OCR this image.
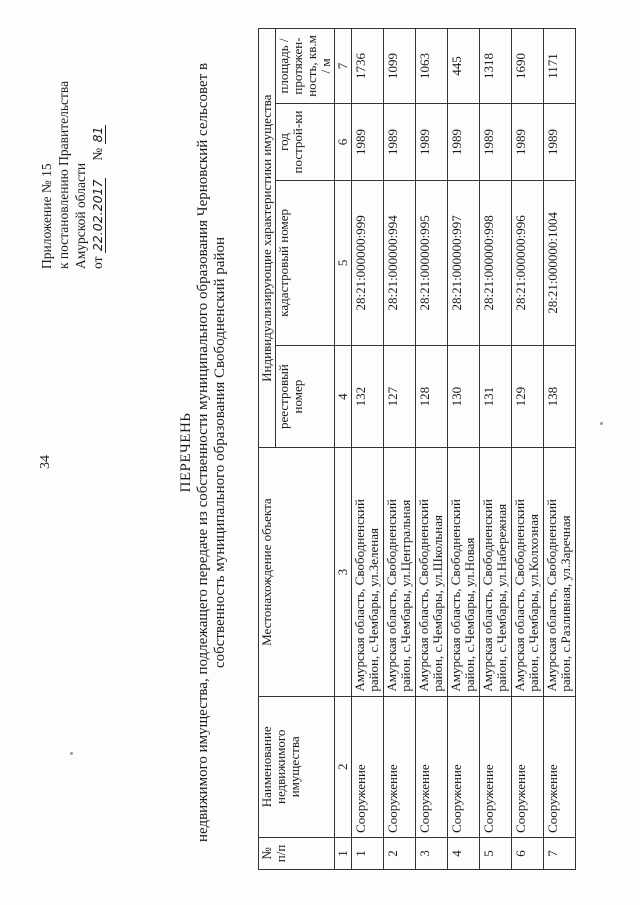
34
Приложение № 15 к постановлению Правительства Амурской области от 22.02.2017     № 81
ПЕРЕЧЕНЬ недвижимого имущества, подлежащего передаче из собственности муниципального образования Черновский сельсовет в собственность муниципального образования Свободненский район
№ п/п	Наименование недвижимого имущества	Местонахождение объекта	Индивидуализирующие характеристики имущества			
			реестровый номер	кадастровый номер	год построй-ки	площадь / протяжен-ность, кв.м / м
1	2	3	4	5	6	7
1	Сооружение	Амурская область, Свободненский район, с.Чембары, ул.Зеленая	132	28:21:000000:999	1989	1736
2	Сооружение	Амурская область, Свободненский район, с.Чембары, ул.Центральная	127	28:21:000000:994	1989	1099
3	Сооружение	Амурская область, Свободненский район, с.Чембары, ул.Школьная	128	28:21:000000:995	1989	1063
4	Сооружение	Амурская область, Свободненский район, с.Чембары, ул.Новая	130	28:21:000000:997	1989	445
5	Сооружение	Амурская область, Свободненский район, с.Чембары, ул.Набережная	131	28:21:000000:998	1989	1318
6	Сооружение	Амурская область, Свободненский район, с.Чембары, ул.Колхозная	129	28:21:000000:996	1989	1690
7	Сооружение	Амурская область, Свободненский район, с.Разливная, ул.Заречная	138	28:21:000000:1004	1989	1171
